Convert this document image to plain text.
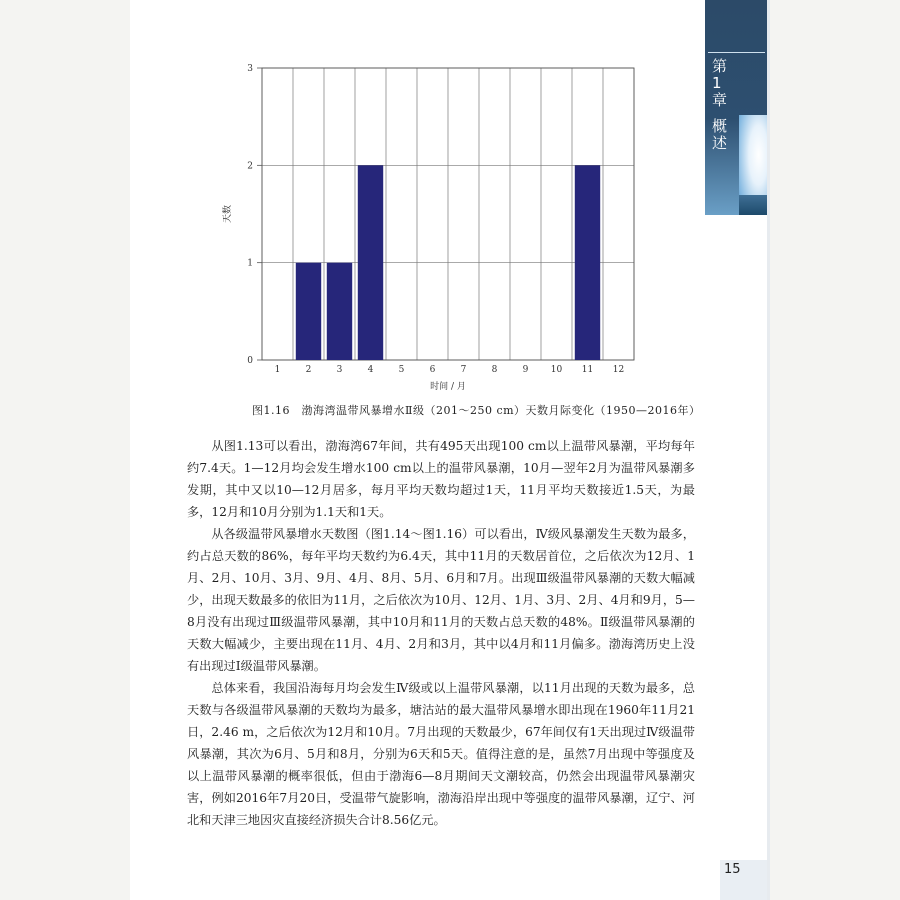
第
1
章
概
述
0
1
2
3
1	2	3	4	5	6	7	8	9 10 11 12
时间 / 月
天数
图1.16　渤海湾温带风暴增水Ⅱ级（201～250 cm）天数月际变化（1950—2016年）

从图1.13可以看出，渤海湾67年间，共有495天出现100 cm以上温带风暴潮，平均每年约7.4天。1—12月均会发生增水100 cm以上的温带风暴潮，10月—翌年2月为温带风暴潮多发期，其中又以10—12月居多，每月平均天数均超过1天，11月平均天数接近1.5天，为最多，12月和10月分别为1.1天和1天。

从各级温带风暴增水天数图（图1.14～图1.16）可以看出，Ⅳ级风暴潮发生天数为最多，约占总天数的86%，每年平均天数约为6.4天，其中11月的天数居首位，之后依次为12月、1月、2月、10月、3月、9月、4月、8月、5月、6月和7月。出现Ⅲ级温带风暴潮的天数大幅减少，出现天数最多的依旧为11月，之后依次为10月、12月、1月、3月、2月、4月和9月，5—8月没有出现过Ⅲ级温带风暴潮，其中10月和11月的天数占总天数的48%。Ⅱ级温带风暴潮的天数大幅减少，主要出现在11月、4月、2月和3月，其中以4月和11月偏多。渤海湾历史上没有出现过Ⅰ级温带风暴潮。

总体来看，我国沿海每月均会发生Ⅳ级或以上温带风暴潮，以11月出现的天数为最多，总天数与各级温带风暴潮的天数均为最多，塘沽站的最大温带风暴增水即出现在1960年11月21日，2.46 m，之后依次为12月和10月。7月出现的天数最少，67年间仅有1天出现过Ⅳ级温带风暴潮，其次为6月、5月和8月，分别为6天和5天。值得注意的是，虽然7月出现中等强度及以上温带风暴潮的概率很低，但由于渤海6—8月期间天文潮较高，仍然会出现温带风暴潮灾害，例如2016年7月20日，受温带气旋影响，渤海沿岸出现中等强度的温带风暴潮，辽宁、河北和天津三地因灾直接经济损失合计8.56亿元。

15
